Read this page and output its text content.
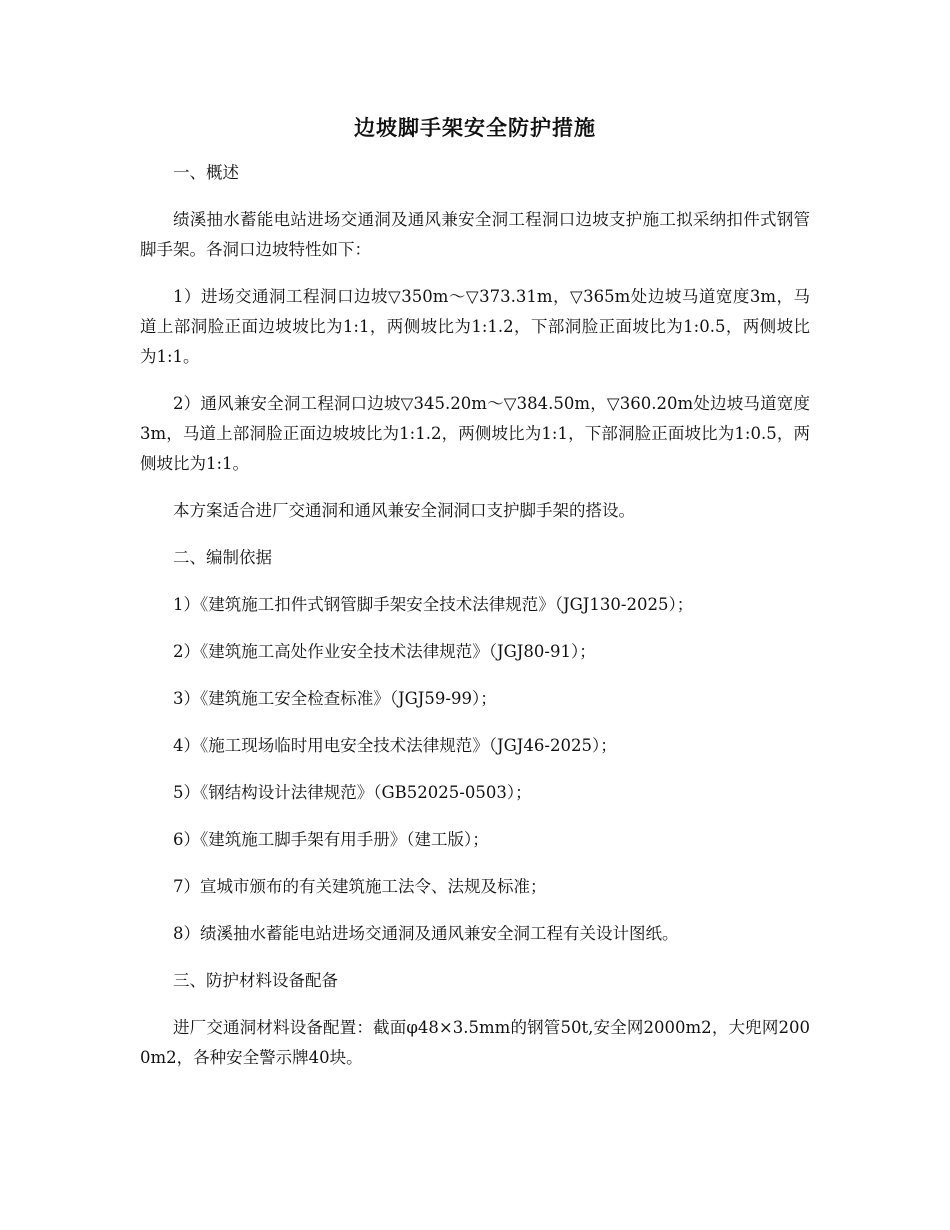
边坡脚手架安全防护措施

一、概述

绩溪抽水蓄能电站进场交通洞及通风兼安全洞工程洞口边坡支护施工拟采纳扣件式钢管脚手架。各洞口边坡特性如下：

1）进场交通洞工程洞口边坡▽350m～▽373.31m，▽365m处边坡马道宽度3m，马道上部洞脸正面边坡坡比为1:1，两侧坡比为1:1.2，下部洞脸正面坡比为1:0.5，两侧坡比为1:1。

2）通风兼安全洞工程洞口边坡▽345.20m～▽384.50m，▽360.20m处边坡马道宽度3m，马道上部洞脸正面边坡坡比为1:1.2，两侧坡比为1:1，下部洞脸正面坡比为1:0.5，两侧坡比为1:1。

本方案适合进厂交通洞和通风兼安全洞洞口支护脚手架的搭设。

二、编制依据

1）《建筑施工扣件式钢管脚手架安全技术法律规范》（JGJ130-2025）；

2）《建筑施工高处作业安全技术法律规范》（JGJ80-91）；

3）《建筑施工安全检查标准》（JGJ59-99）；

4）《施工现场临时用电安全技术法律规范》（JGJ46-2025）；

5）《钢结构设计法律规范》（GB52025-0503）；

6）《建筑施工脚手架有用手册》（建工版）；

7）宣城市颁布的有关建筑施工法令、法规及标准；

8）绩溪抽水蓄能电站进场交通洞及通风兼安全洞工程有关设计图纸。

三、防护材料设备配备

进厂交通洞材料设备配置：截面φ48×3.5mm的钢管50t,安全网2000m2，大兜网2000m2，各种安全警示牌40块。
